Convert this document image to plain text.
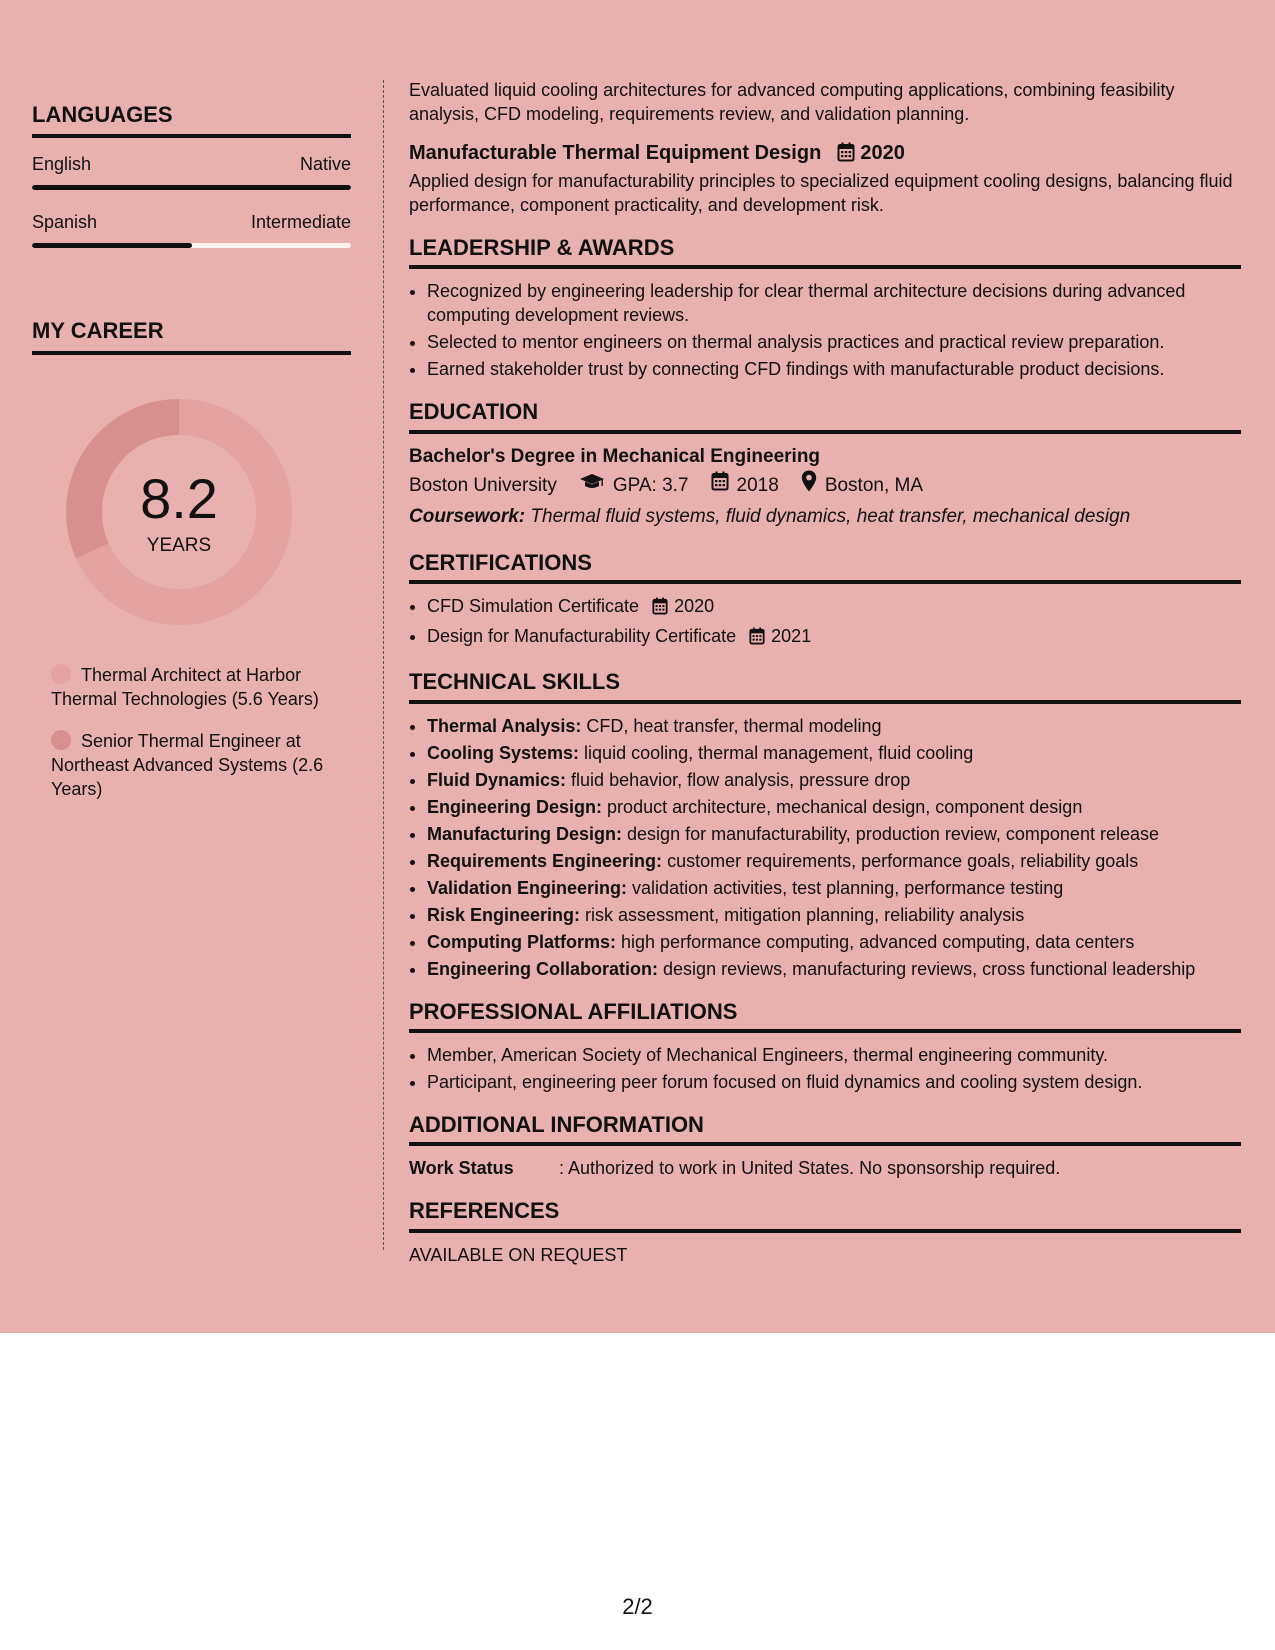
LANGUAGES
English	Native
Spanish	Intermediate
MY CAREER
8.2
YEARS
Thermal Architect at Harbor Thermal Technologies (5.6 Years)
Senior Thermal Engineer at Northeast Advanced Systems (2.6 Years)

Evaluated liquid cooling architectures for advanced computing applications, combining feasibility analysis, CFD modeling, requirements review, and validation planning.

Manufacturable Thermal Equipment Design 2020

Applied design for manufacturability principles to specialized equipment cooling designs, balancing fluid performance, component practicality, and development risk.

LEADERSHIP & AWARDS
• Recognized by engineering leadership for clear thermal architecture decisions during advanced computing development reviews.
• Selected to mentor engineers on thermal analysis practices and practical review preparation.
• Earned stakeholder trust by connecting CFD findings with manufacturable product decisions.
EDUCATION
Bachelor's Degree in Mechanical Engineering
Boston University	GPA: 3.7	2018 Boston, MA
Coursework: Thermal fluid systems, fluid dynamics, heat transfer, mechanical design
CERTIFICATIONS
• CFD Simulation Certificate 2020
• Design for Manufacturability Certificate 2021
TECHNICAL SKILLS
• Thermal Analysis: CFD, heat transfer, thermal modeling
• Cooling Systems: liquid cooling, thermal management, fluid cooling
• Fluid Dynamics: fluid behavior, flow analysis, pressure drop
• Engineering Design: product architecture, mechanical design, component design
• Manufacturing Design: design for manufacturability, production review, component release
• Requirements Engineering: customer requirements, performance goals, reliability goals
• Validation Engineering: validation activities, test planning, performance testing
• Risk Engineering: risk assessment, mitigation planning, reliability analysis
• Computing Platforms: high performance computing, advanced computing, data centers
• Engineering Collaboration: design reviews, manufacturing reviews, cross functional leadership
PROFESSIONAL AFFILIATIONS
• Member, American Society of Mechanical Engineers, thermal engineering community.
• Participant, engineering peer forum focused on fluid dynamics and cooling system design.
ADDITIONAL INFORMATION
Work Status	: Authorized to work in United States. No sponsorship required.
REFERENCES
AVAILABLE ON REQUEST
2/2
